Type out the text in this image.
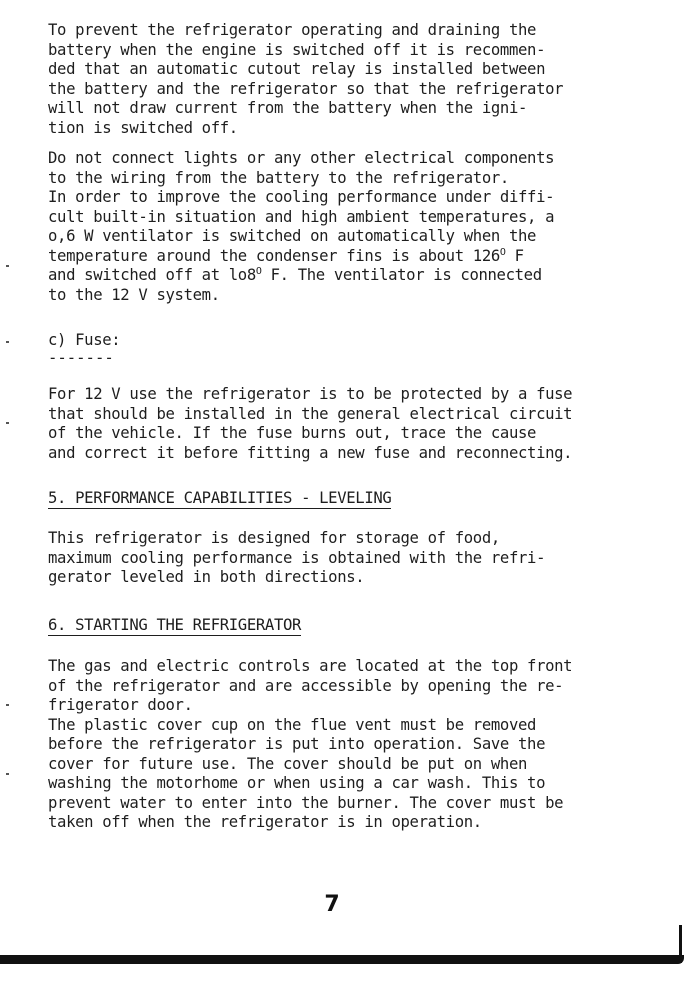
To prevent the refrigerator operating and draining the
battery when the engine is switched off it is recommen-
ded that an automatic cutout relay is installed between
the battery and the refrigerator so that the refrigerator
will not draw current from the battery when the igni-
tion is switched off.
Do not connect lights or any other electrical components
to the wiring from the battery to the refrigerator.
In order to improve the cooling performance under diffi-
cult built-in situation and high ambient temperatures, a
o,6 W ventilator is switched on automatically when the
temperature around the condenser fins is about $126^O$ F
and switched off at $lo8^O$ F. The ventilator is connected
to the 12 V system.
c) Fuse:
-------
For 12 V use the refrigerator is to be protected by a fuse
that should be installed in the general electrical circuit
of the vehicle. If the fuse burns out, trace the cause
and correct it before fitting a new fuse and reconnecting.
5. PERFORMANCE CAPABILITIES - LEVELING
This refrigerator is designed for storage of food,
maximum cooling performance is obtained with the refri-
gerator leveled in both directions.
6. STARTING THE REFRIGERATOR
The gas and electric controls are located at the top front
of the refrigerator and are accessible by opening the re-
frigerator door.
The plastic cover cup on the flue vent must be removed
before the refrigerator is put into operation. Save the
cover for future use. The cover should be put on when
washing the motorhome or when using a car wash. This to
prevent water to enter into the burner. The cover must be
taken off when the refrigerator is in operation.
7
